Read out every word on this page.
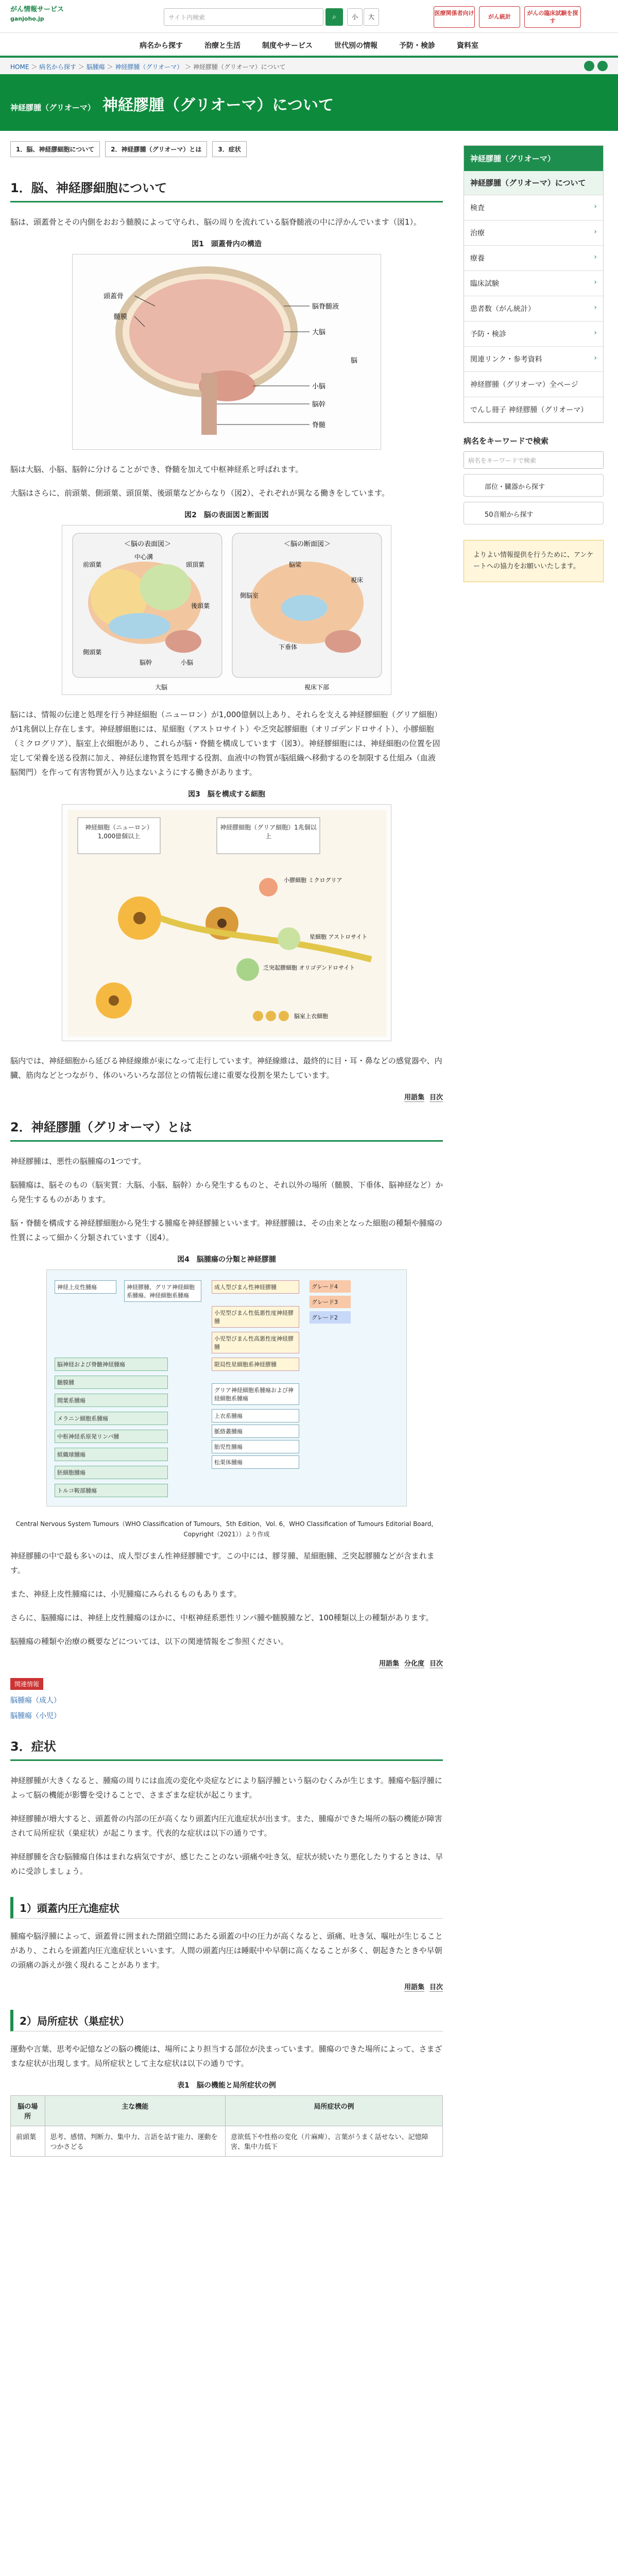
がん情報サービス
ganjoho.jp	サイト内検索	⌕	小	大
医療関係者向け
がん統計
がんの臨床試験を探す
病名から探す	治療と生活	制度やサービス	世代別の情報	予防・検診	資料室
HOME ＞ 病名から探す ＞ 脳腫瘍 ＞ 神経膠腫（グリオーマ） ＞ 神経膠腫（グリオーマ）について
神経膠腫（グリオーマ） 神経膠腫（グリオーマ）について
1．脳、神経膠細胞について	2．神経膠腫（グリオーマ）とは	3．症状
1．脳、神経膠細胞について

脳は、頭蓋骨とその内側をおおう髄膜によって守られ、脳の周りを流れている脳脊髄液の中に浮かんでいます（図1）。

図1　頭蓋骨内の構造
頭蓋骨
髄膜
脳脊髄液
大脳
脳
小脳
脳幹
脊髄

脳は大脳、小脳、脳幹に分けることができ、脊髄を加えて中枢神経系と呼ばれます。

大脳はさらに、前頭葉、側頭葉、頭頂葉、後頭葉などからなり（図2）、それぞれが異なる働きをしています。

図2　脳の表面図と断面図
＜脳の表面図＞	＜脳の断面図＞
前頭葉
中心溝
頭頂葉
側頭葉
後頭葉
小脳
脳幹
脳梁
視床
側脳室
下垂体
大脳	視床下部

脳には、情報の伝達と処理を行う神経細胞（ニューロン）が1,000億個以上あり、それらを支える神経膠細胞（グリア細胞）が1兆個以上存在します。神経膠細胞には、星細胞（アストロサイト）や乏突起膠細胞（オリゴデンドロサイト）、小膠細胞（ミクログリア）、脳室上衣細胞があり、これらが脳・脊髄を構成しています（図3）。神経膠細胞には、神経細胞の位置を固定して栄養を送る役割に加え、神経伝達物質を処理する役割、血液中の物質が脳組織へ移動するのを制限する仕組み（血液脳関門）を作って有害物質が入り込まないようにする働きがあります。

図3　脳を構成する細胞
神経細胞（ニューロン）1,000億個以上
神経膠細胞（グリア細胞）1兆個以上
小膠細胞 ミクログリア
星細胞 アストロサイト
乏突起膠細胞 オリゴデンドロサイト
脳室上衣細胞

脳内では、神経細胞から延びる神経線維が束になって走行しています。神経線維は、最終的に目・耳・鼻などの感覚器や、内臓、筋肉などとつながり、体のいろいろな部位との情報伝達に重要な役割を果たしています。

用語集 目次
2．神経膠腫（グリオーマ）とは

神経膠腫は、悪性の脳腫瘍の1つです。

脳腫瘍は、脳そのもの（脳実質：大脳、小脳、脳幹）から発生するものと、それ以外の場所（髄膜、下垂体、脳神経など）から発生するものがあります。

脳・脊髄を構成する神経膠細胞から発生する腫瘍を神経膠腫といいます。神経膠腫は、その由来となった細胞の種類や腫瘍の性質によって細かく分類されています（図4）。

図4　脳腫瘍の分類と神経膠腫
神経上皮性腫瘍	神経膠腫、グリア神経細胞系腫瘍、神経細胞系腫瘍
成人型びまん性神経膠腫
小児型びまん性低悪性度神経膠腫
小児型びまん性高悪性度神経膠腫
限局性星細胞系神経膠腫
グリア神経細胞系腫瘍および神経細胞系腫瘍
上衣系腫瘍
脈絡叢腫瘍
胎児性腫瘍
松果体腫瘍
脳神経および脊髄神経腫瘍
髄膜腫
間葉系腫瘍
メラニン細胞系腫瘍
中枢神経系原発リンパ腫
組織球腫瘍
胚細胞腫瘍
トルコ鞍部腫瘍
グレード4
グレード3
グレード2

Central Nervous System Tumours（WHO Classification of Tumours，5th Edition，Vol. 6，WHO Classification of Tumours Editorial Board，Copyright（2021））より作成

神経膠腫の中で最も多いのは、成人型びまん性神経膠腫です。この中には、膠芽腫、星細胞腫、乏突起膠腫などが含まれます。

また、神経上皮性腫瘍には、小児腫瘍にみられるものもあります。

さらに、脳腫瘍には、神経上皮性腫瘍のほかに、中枢神経系悪性リンパ腫や髄膜腫など、100種類以上の種類があります。

脳腫瘍の種類や治療の概要などについては、以下の関連情報をご参照ください。

用語集 分化度 目次
関連情報
脳腫瘍（成人）
脳腫瘍（小児）
3．症状

神経膠腫が大きくなると、腫瘍の周りには血流の変化や炎症などにより脳浮腫という脳のむくみが生じます。腫瘍や脳浮腫によって脳の機能が影響を受けることで、さまざまな症状が起こります。

神経膠腫が増大すると、頭蓋骨の内部の圧が高くなり頭蓋内圧亢進症状が出ます。また、腫瘍ができた場所の脳の機能が障害されて局所症状（巣症状）が起こります。代表的な症状は以下の通りです。

神経膠腫を含む脳腫瘍自体はまれな病気ですが、感じたことのない頭痛や吐き気、症状が続いたり悪化したりするときは、早めに受診しましょう。

1）頭蓋内圧亢進症状

腫瘍や脳浮腫によって、頭蓋骨に囲まれた閉鎖空間にあたる頭蓋の中の圧力が高くなると、頭痛、吐き気、嘔吐が生じることがあり、これらを頭蓋内圧亢進症状といいます。人間の頭蓋内圧は睡眠中や早朝に高くなることが多く、朝起きたときや早朝の頭痛の訴えが強く現れることがあります。

用語集 目次
2）局所症状（巣症状）

運動や言葉、思考や記憶などの脳の機能は、場所により担当する部位が決まっています。腫瘍のできた場所によって、さまざまな症状が出現します。局所症状として主な症状は以下の通りです。

表1　脳の機能と局所症状の例
脳の場所	主な機能	局所症状の例
前頭葉	思考、感情、判断力、集中力、言語を話す能力、運動をつかさどる	意欲低下や性格の変化（片麻痺）、言葉がうまく話せない、記憶障害、集中力低下
神経膠腫（グリオーマ）
神経膠腫（グリオーマ）について
検査	›
治療	›
療養	›
臨床試験	›
患者数（がん統計）	›
予防・検診	›
関連リンク・参考資料	›
神経膠腫（グリオーマ）全ページ
でんし冊子 神経膠腫（グリオーマ）
病名をキーワードで検索
病名をキーワードで検索
部位・臓器から探す
50音順から探す
よりよい情報提供を行うために、アンケートへの協力をお願いいたします。
